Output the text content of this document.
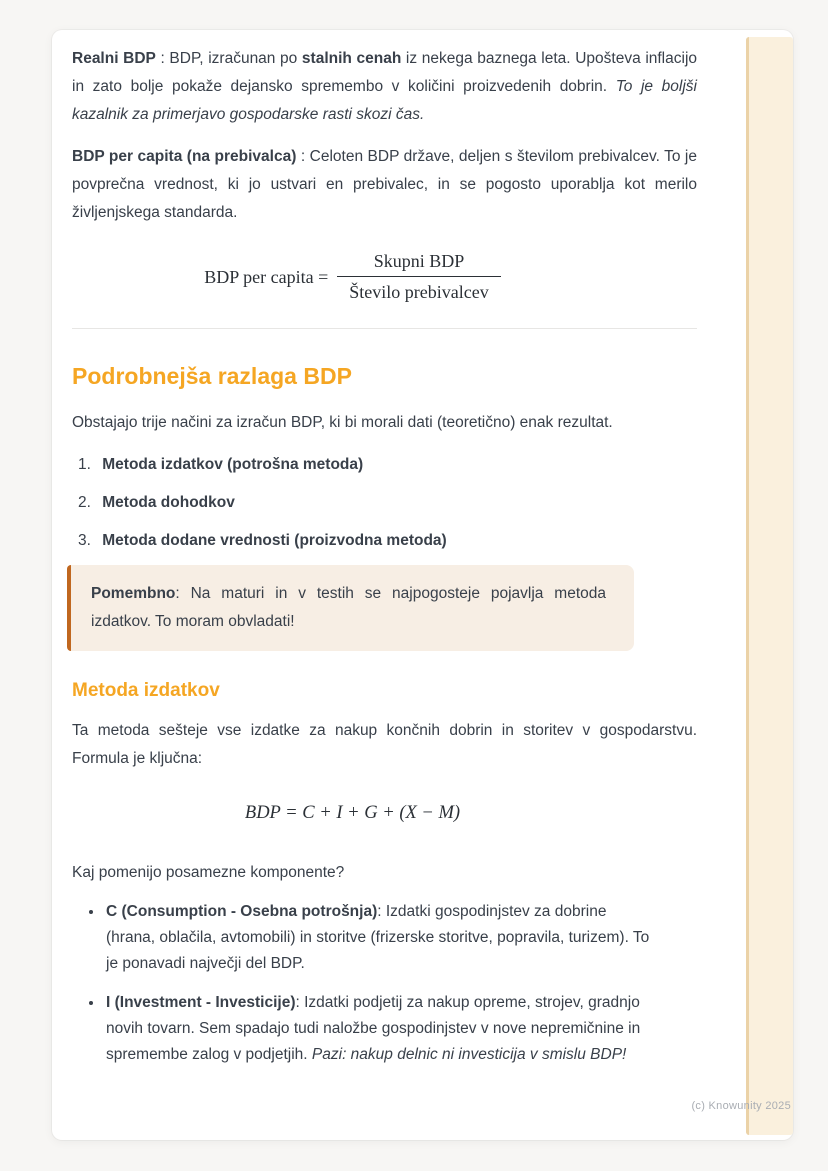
Realni BDP : BDP, izračunan po stalnih cenah iz nekega baznega leta. Upošteva inflacijo in zato bolje pokaže dejansko spremembo v količini proizvedenih dobrin. To je boljši kazalnik za primerjavo gospodarske rasti skozi čas.

BDP per capita (na prebivalca) : Celoten BDP države, deljen s številom prebivalcev. To je povprečna vrednost, ki jo ustvari en prebivalec, in se pogosto uporablja kot merilo življenjskega standarda.

BDP per capita = $\frac{\text{Skupni BDP}}{\text{Število prebivalcev}}$
Podrobnejša razlaga BDP

Obstajajo trije načini za izračun BDP, ki bi morali dati (teoretično) enak rezultat.

1. Metoda izdatkov (potrošna metoda)
2. Metoda dohodkov
3. Metoda dodane vrednosti (proizvodna metoda)
Pomembno: Na maturi in v testih se najpogosteje pojavlja metoda izdatkov. To moram obvladati!
Metoda izdatkov

Ta metoda sešteje vse izdatke za nakup končnih dobrin in storitev v gospodarstvu. Formula je ključna:

BDP = C + I + G + (X − M)

Kaj pomenijo posamezne komponente?

• C (Consumption - Osebna potrošnja): Izdatki gospodinjstev za dobrine (hrana, oblačila, avtomobili) in storitve (frizerske storitve, popravila, turizem). To je ponavadi največji del BDP.
• I (Investment - Investicije): Izdatki podjetij za nakup opreme, strojev, gradnjo novih tovarn. Sem spadajo tudi naložbe gospodinjstev v nove nepremičnine in spremembe zalog v podjetjih. Pazi: nakup delnic ni investicija v smislu BDP!
(c) Knowunity 2025
